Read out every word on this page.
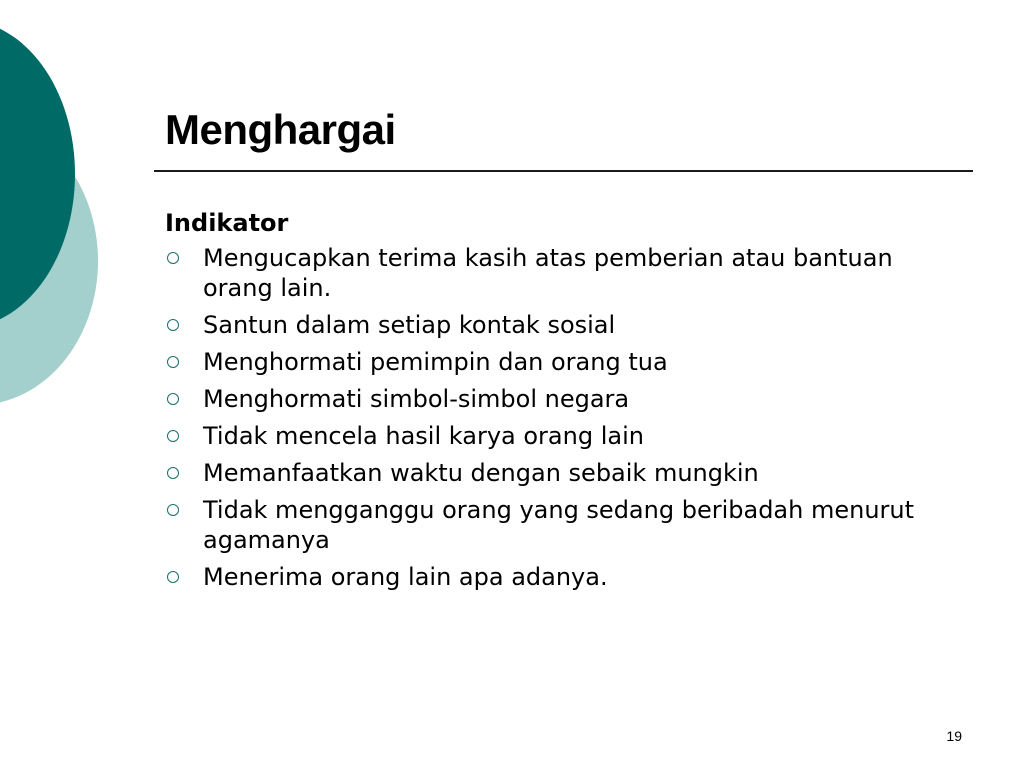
Menghargai
Indikator
Mengucapkan terima kasih atas pemberian atau bantuan orang lain.
Santun dalam setiap kontak sosial
Menghormati pemimpin dan orang tua
Menghormati simbol-simbol negara
Tidak mencela hasil karya orang lain
Memanfaatkan waktu dengan sebaik mungkin
Tidak mengganggu orang yang sedang beribadah menurut agamanya
Menerima orang lain apa adanya.
19
